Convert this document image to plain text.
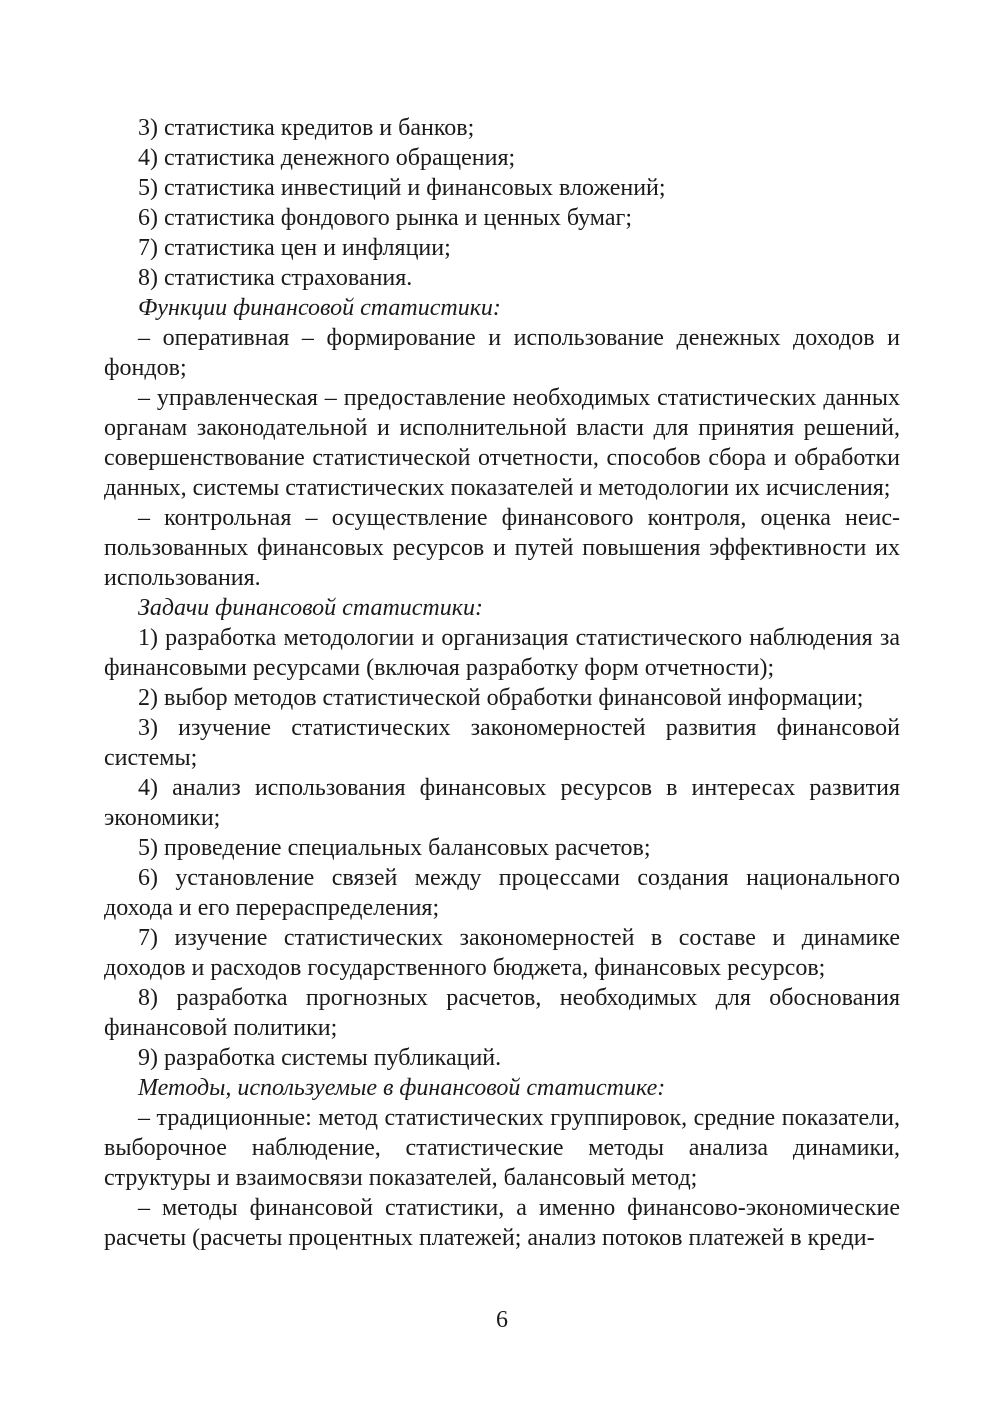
3) статистика кредитов и банков;

4) статистика денежного обращения;

5) статистика инвестиций и финансовых вложений;

6) статистика фондового рынка и ценных бумаг;

7) статистика цен и инфляции;

8) статистика страхования.

Функции финансовой статистики:

– оперативная – формирование и использование денежных доходов и фондов;

– управленческая – предоставление необходимых статистических данных органам законодательной и исполнительной власти для принятия решений, совершенствование статистической отчетности, способов сбора и обработки данных, системы статистических показателей и методологии их исчисления;

– контрольная – осуществление финансового контроля, оценка неиспользованных финансовых ресурсов и путей повышения эффективности их использования.

Задачи финансовой статистики:

1) разработка методологии и организация статистического наблюдения за финансовыми ресурсами (включая разработку форм отчетности);

2) выбор методов статистической обработки финансовой информации;

3) изучение статистических закономерностей развития финансовой системы;

4) анализ использования финансовых ресурсов в интересах развития экономики;

5) проведение специальных балансовых расчетов;

6) установление связей между процессами создания национального дохода и его перераспределения;

7) изучение статистических закономерностей в составе и динамике доходов и расходов государственного бюджета, финансовых ресурсов;

8) разработка прогнозных расчетов, необходимых для обоснования финансовой политики;

9) разработка системы публикаций.

Методы, используемые в финансовой статистике:

– традиционные: метод статистических группировок, средние показатели, выборочное наблюдение, статистические методы анализа динамики, структуры и взаимосвязи показателей, балансовый метод;

– методы финансовой статистики, а именно финансово-экономические расчеты (расчеты процентных платежей; анализ потоков платежей в креди-

6
